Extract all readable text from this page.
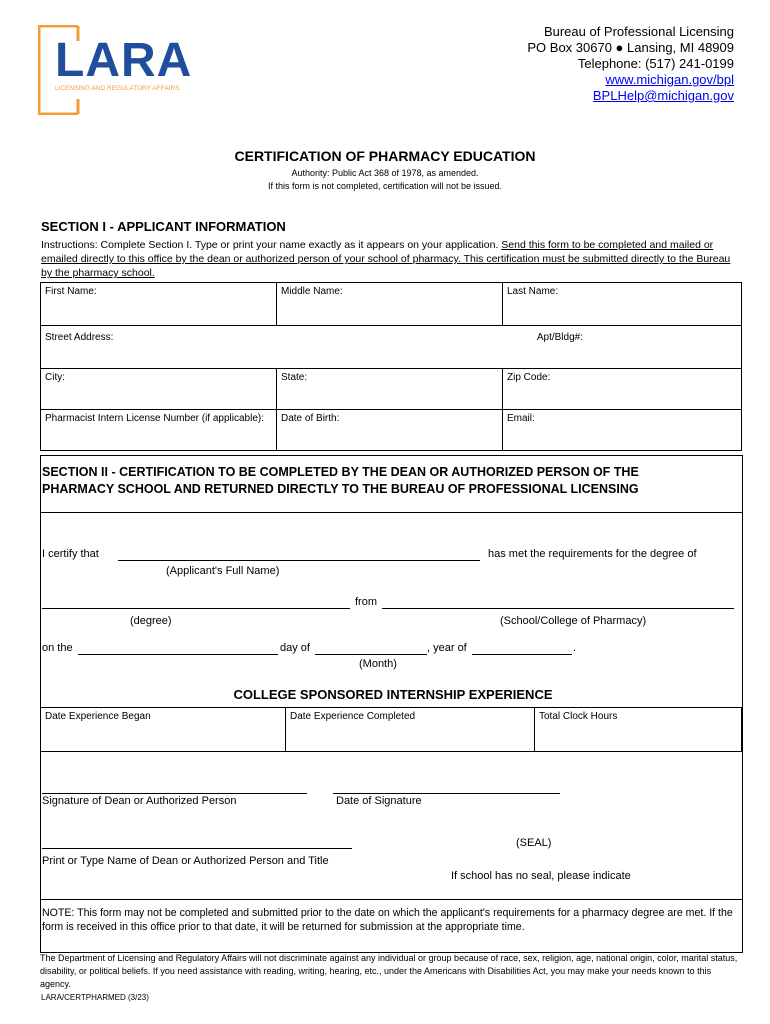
LARA
LICENSING AND REGULATORY AFFAIRS
Bureau of Professional Licensing
PO Box 30670 ● Lansing, MI 48909
Telephone: (517) 241-0199
www.michigan.gov/bpl
BPLHelp@michigan.gov
CERTIFICATION OF PHARMACY EDUCATION
Authority: Public Act 368 of 1978, as amended.
If this form is not completed, certification will not be issued.
SECTION I - APPLICANT INFORMATION
Instructions: Complete Section I. Type or print your name exactly as it appears on your application. Send this form to be completed and mailed or emailed directly to this office by the dean or authorized person of your school of pharmacy. This certification must be submitted directly to the Bureau by the pharmacy school.
First Name:	Middle Name:	Last Name:
Street Address:		Apt/Bldg#:
City:	State:	Zip Code:
Pharmacist Intern License Number (if applicable):	Date of Birth:	Email:
SECTION II - CERTIFICATION TO BE COMPLETED BY THE DEAN OR AUTHORIZED PERSON OF THE
PHARMACY SCHOOL AND RETURNED DIRECTLY TO THE BUREAU OF PROFESSIONAL LICENSING
I certify that	has met the requirements for the degree of
(Applicant's Full Name)
from
(degree)	(School/College of Pharmacy)
on the	day of	, year of	.
(Month)
COLLEGE SPONSORED INTERNSHIP EXPERIENCE
Date Experience Began	Date Experience Completed	Total Clock Hours
Signature of Dean or Authorized Person	Date of Signature
(SEAL)
Print or Type Name of Dean or Authorized Person and Title
If school has no seal, please indicate
NOTE: This form may not be completed and submitted prior to the date on which the applicant's requirements for a pharmacy degree are met. If the form is received in this office prior to that date, it will be returned for submission at the appropriate time.
The Department of Licensing and Regulatory Affairs will not discriminate against any individual or group because of race, sex, religion, age, national origin, color, marital status, disability, or political beliefs. If you need assistance with reading, writing, hearing, etc., under the Americans with Disabilities Act, you may make your needs known to this agency.
LARA/CERTPHARMED (3/23)
